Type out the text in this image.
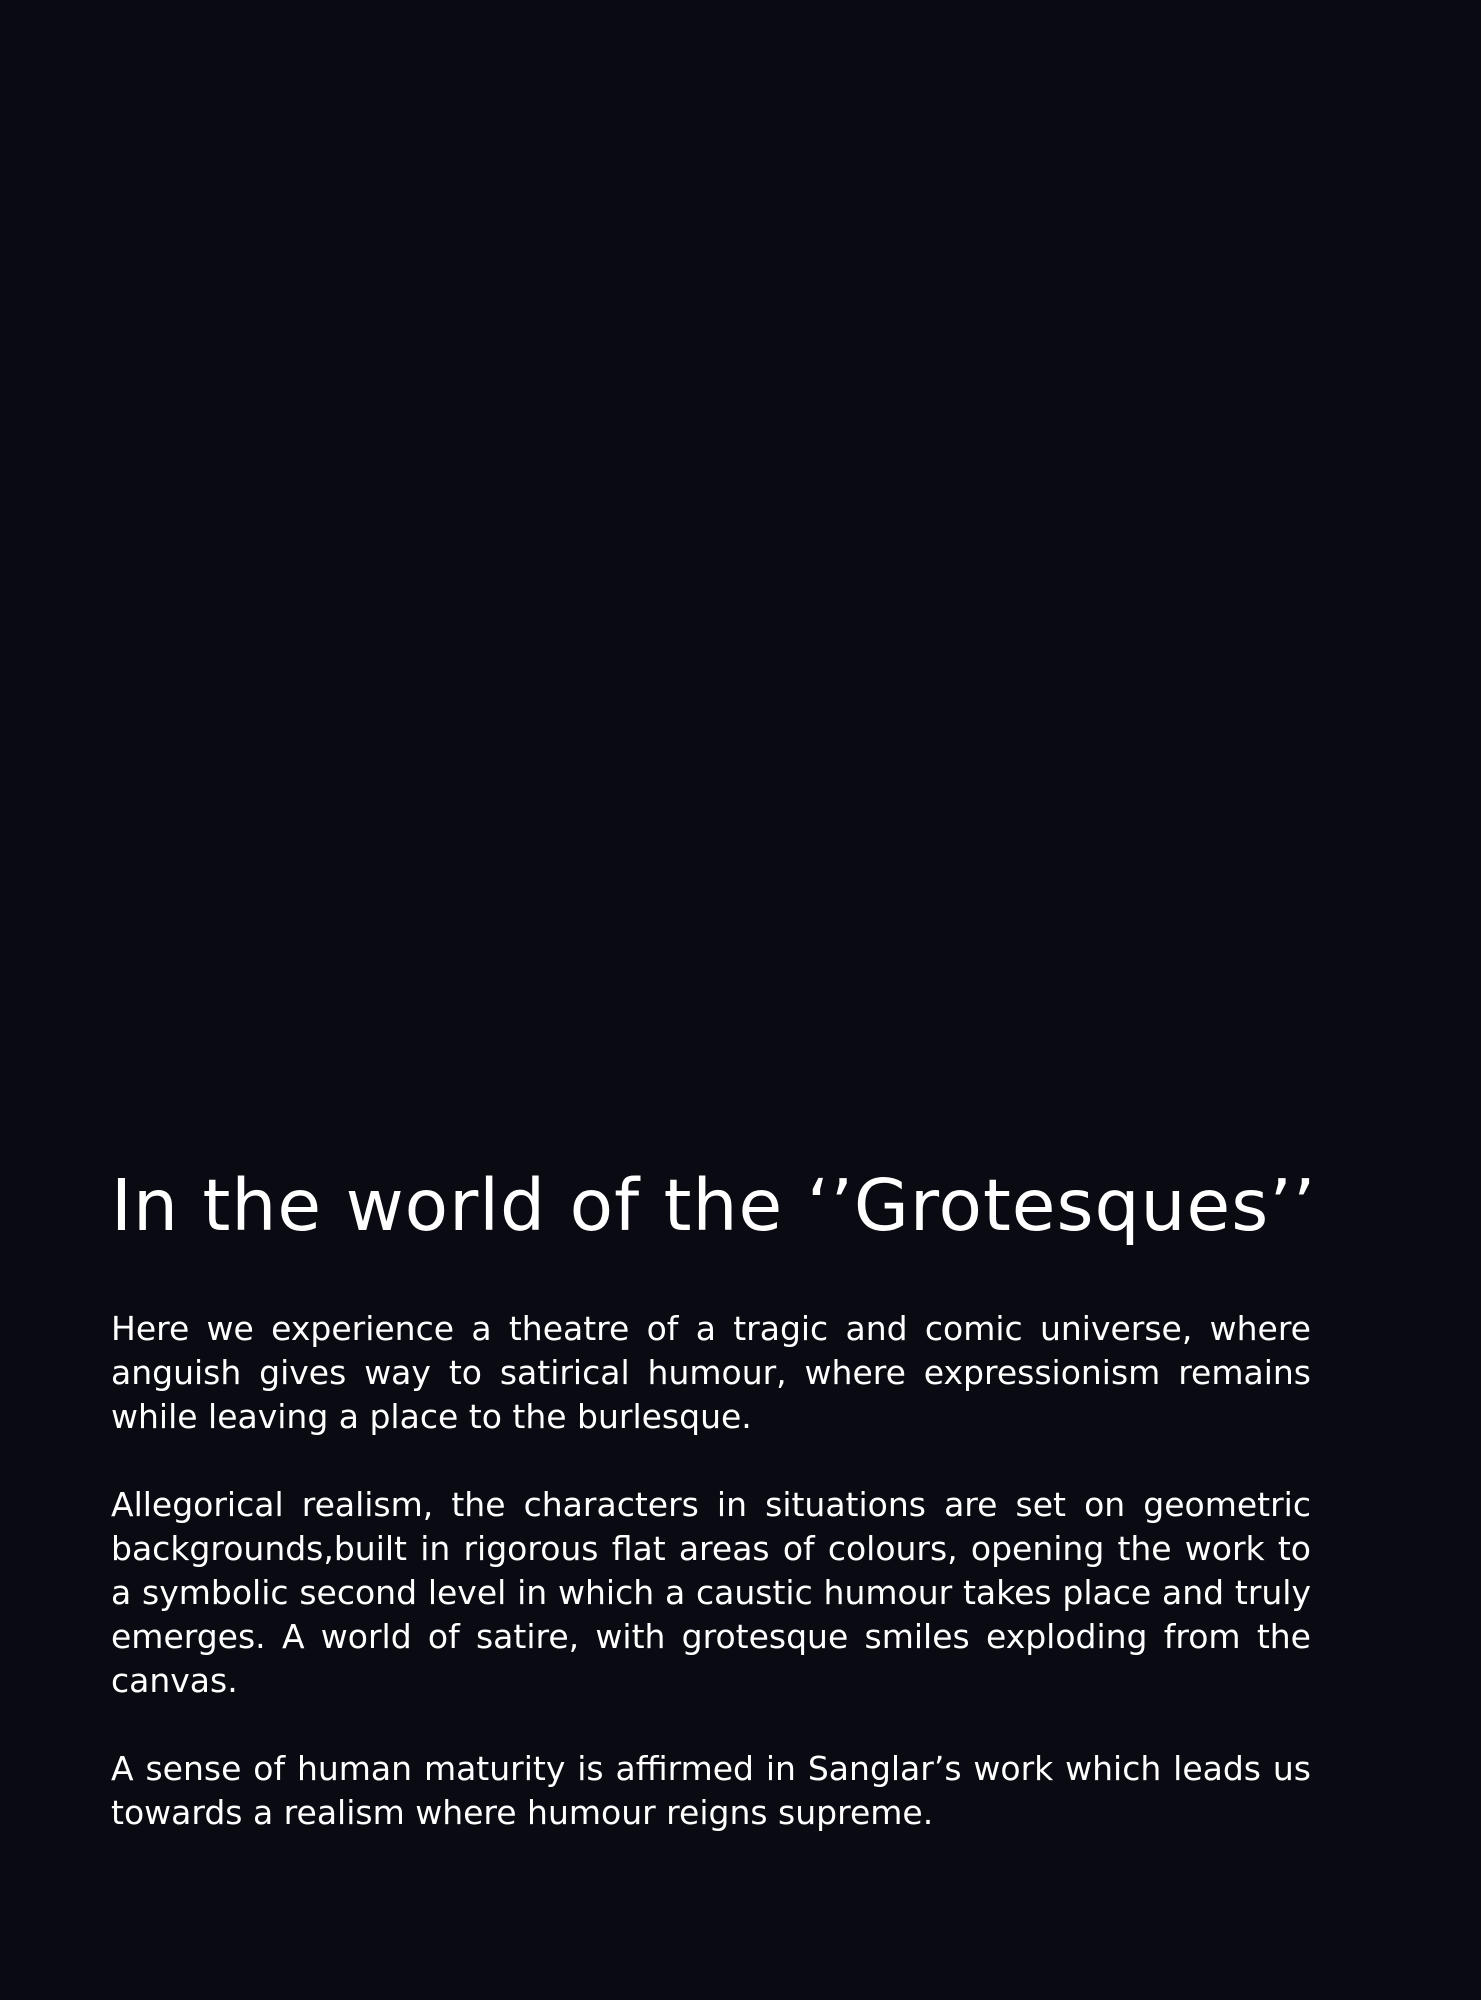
In the world of the ‘’Grotesques’’

Here we experience a theatre of a tragic and comic universe, where anguish gives way to satirical humour, where expressionism remains while leaving a place to the burlesque.

Allegorical realism, the characters in situations are set on geometric backgrounds,built in rigorous flat areas of colours, opening the work to a symbolic second level in which a caustic humour takes place and truly emerges. A world of satire, with grotesque smiles exploding from the canvas.

A sense of human maturity is affirmed in Sanglar’s work which leads us towards a realism where humour reigns supreme.
